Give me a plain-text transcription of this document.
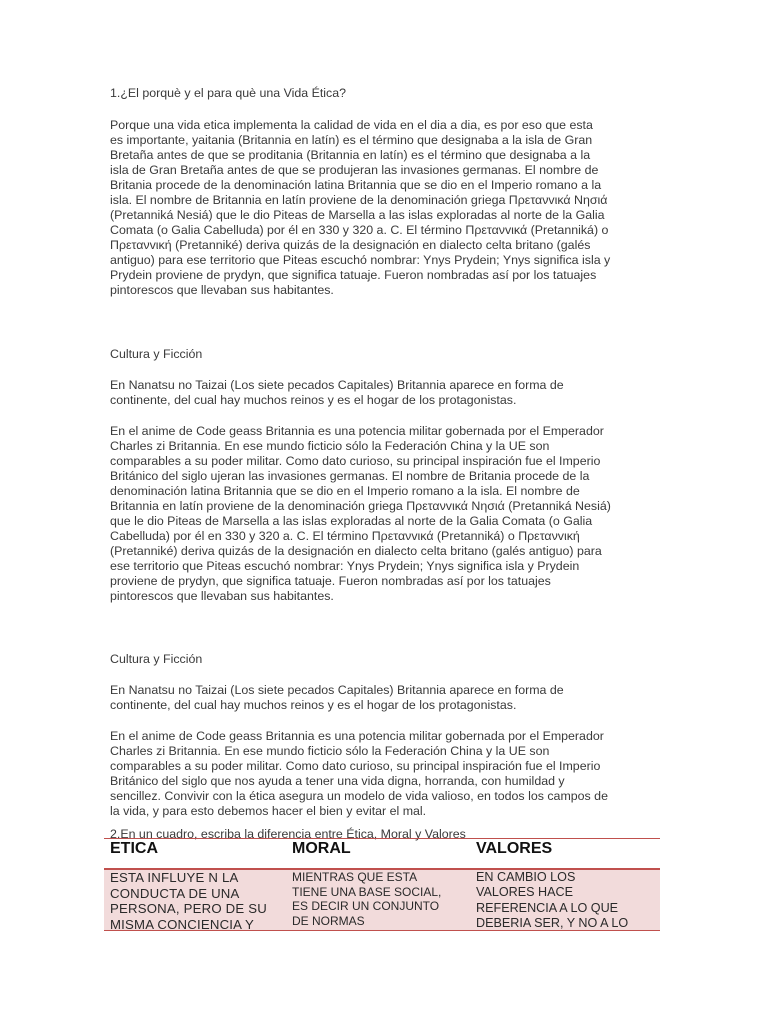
1.¿El porquè y el para què una Vida Ética?

Porque una vida etica implementa la calidad de vida en el dia a dia, es por eso que esta
es importante, yaitania (Britannia en latín) es el término que designaba a la isla de Gran
Bretaña antes de que se proditania (Britannia en latín) es el término que designaba a la
isla de Gran Bretaña antes de que se produjeran las invasiones germanas. El nombre de
Britania procede de la denominación latina Britannia que se dio en el Imperio romano a la
isla. El nombre de Britannia en latín proviene de la denominación griega Πρετανvικά Nησιά
(Pretanniká Nesiá) que le dio Piteas de Marsella a las islas exploradas al norte de la Galia
Comata (o Galia Cabelluda) por él en 330 y 320 a. C. El término Πρετανvικά (Pretanniká) o
Πρετανvική (Pretanniké) deriva quizás de la designación en dialecto celta britano (galés
antiguo) para ese territorio que Piteas escuchó nombrar: Ynys Prydein; Ynys significa isla y
Prydein proviene de prydyn, que significa tatuaje. Fueron nombradas así por los tatuajes
pintorescos que llevaban sus habitantes.

Cultura y Ficción

En Nanatsu no Taizai (Los siete pecados Capitales) Britannia aparece en forma de
continente, del cual hay muchos reinos y es el hogar de los protagonistas.
En el anime de Code geass Britannia es una potencia militar gobernada por el Emperador
Charles zi Britannia. En ese mundo ficticio sólo la Federación China y la UE son
comparables a su poder militar. Como dato curioso, su principal inspiración fue el Imperio
Británico del siglo ujeran las invasiones germanas. El nombre de Britania procede de la
denominación latina Britannia que se dio en el Imperio romano a la isla. El nombre de
Britannia en latín proviene de la denominación griega Πρετανvικά Nησιά (Pretanniká Nesiá)
que le dio Piteas de Marsella a las islas exploradas al norte de la Galia Comata (o Galia
Cabelluda) por él en 330 y 320 a. C. El término Πρετανvικά (Pretanniká) o Πρετανvική
(Pretanniké) deriva quizás de la designación en dialecto celta britano (galés antiguo) para
ese territorio que Piteas escuchó nombrar: Ynys Prydein; Ynys significa isla y Prydein
proviene de prydyn, que significa tatuaje. Fueron nombradas así por los tatuajes
pintorescos que llevaban sus habitantes.

Cultura y Ficción

En Nanatsu no Taizai (Los siete pecados Capitales) Britannia aparece en forma de
continente, del cual hay muchos reinos y es el hogar de los protagonistas.
En el anime de Code geass Britannia es una potencia militar gobernada por el Emperador
Charles zi Britannia. En ese mundo ficticio sólo la Federación China y la UE son
comparables a su poder militar. Como dato curioso, su principal inspiración fue el Imperio
Británico del siglo que nos ayuda a tener una vida digna, horranda, con humildad y
sencillez. Convivir con la ética asegura un modelo de vida valioso, en todos los campos de
la vida, y para esto debemos hacer el bien y evitar el mal.

2.En un cuadro, escriba la diferencia entre Ética, Moral y Valores

ETICA	MORAL	VALORES

ESTA INFLUYE N LA
CONDUCTA DE UNA
PERSONA, PERO DE SU
MISMA CONCIENCIA Y	MIENTRAS QUE ESTA
TIENE UNA BASE SOCIAL,
ES DECIR UN CONJUNTO
DE NORMAS	EN CAMBIO LOS
VALORES HACE
REFERENCIA A LO QUE
DEBERIA SER, Y NO A LO
